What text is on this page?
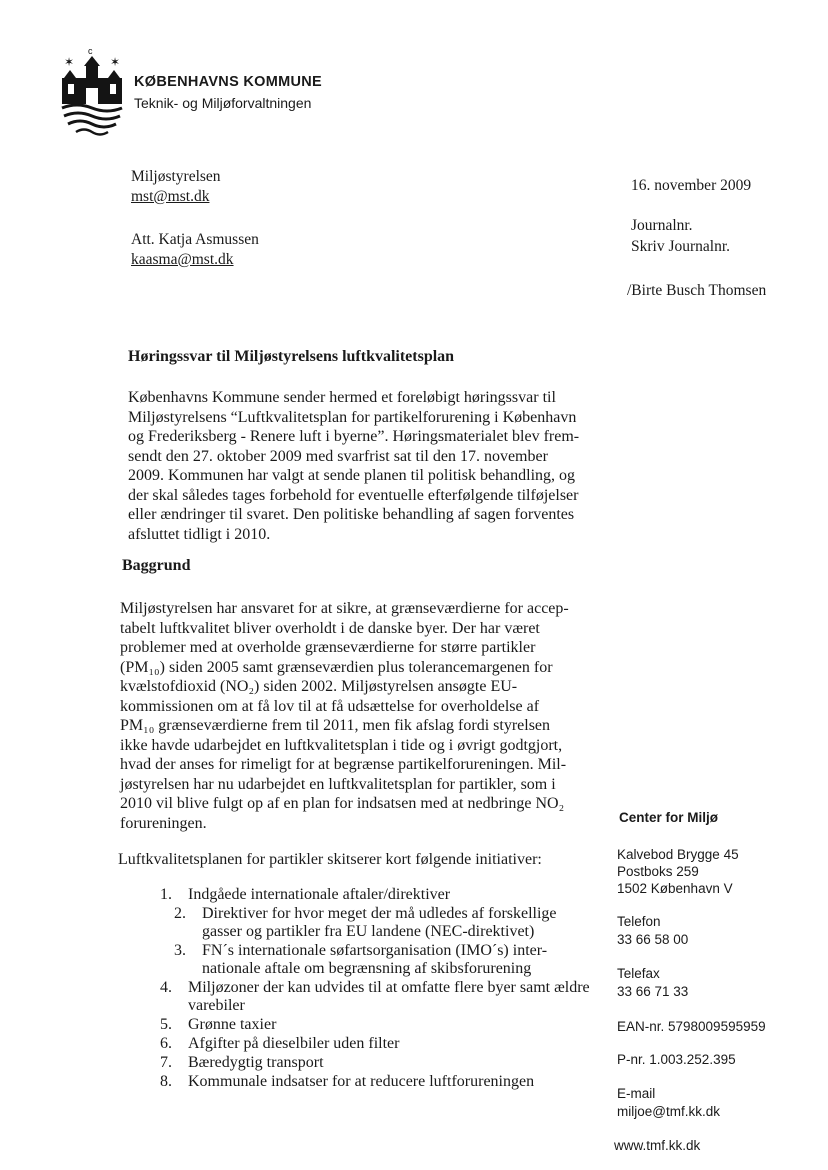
c
✶	✶
KØBENHAVNS KOMMUNE
Teknik- og Miljøforvaltningen
Miljøstyrelsen
mst@mst.dk
Att. Katja Asmussen
kaasma@mst.dk
16. november 2009
Journalnr.
Skriv Journalnr.
/Birte Busch Thomsen
Høringssvar til Miljøstyrelsens luftkvalitetsplan
Københavns Kommune sender hermed et foreløbigt høringssvar til
Miljøstyrelsens “Luftkvalitetsplan for partikelforurening i København
og Frederiksberg - Renere luft i byerne”. Høringsmaterialet blev frem-
sendt den 27. oktober 2009 med svarfrist sat til den 17. november
2009. Kommunen har valgt at sende planen til politisk behandling, og
der skal således tages forbehold for eventuelle efterfølgende tilføjelser
eller ændringer til svaret. Den politiske behandling af sagen forventes
afsluttet tidligt i 2010.
Baggrund
Miljøstyrelsen har ansvaret for at sikre, at grænseværdierne for accep-
tabelt luftkvalitet bliver overholdt i de danske byer. Der har været
problemer med at overholde grænseværdierne for større partikler
(PM₁₀) siden 2005 samt grænseværdien plus tolerancemargenen for
kvælstofdioxid (NO₂) siden 2002. Miljøstyrelsen ansøgte EU-
kommissionen om at få lov til at få udsættelse for overholdelse af
PM₁₀ grænseværdierne frem til 2011, men fik afslag fordi styrelsen
ikke havde udarbejdet en luftkvalitetsplan i tide og i øvrigt godtgjort,
hvad der anses for rimeligt for at begrænse partikelforureningen. Mil-
jøstyrelsen har nu udarbejdet en luftkvalitetsplan for partikler, som i
2010 vil blive fulgt op af en plan for indsatsen med at nedbringe NO₂
forureningen.
Luftkvalitetsplanen for partikler skitserer kort følgende initiativer:
1. Indgåede internationale aftaler/direktiver
2. Direktiver for hvor meget der må udledes af forskellige gasser og partikler fra EU landene (NEC-direktivet)
3. FN´s internationale søfartsorganisation (IMO´s) inter-nationale aftale om begrænsning af skibsforurening
4. Miljøzoner der kan udvides til at omfatte flere byer samt ældre varebiler
5. Grønne taxier
6. Afgifter på dieselbiler uden filter
7. Bæredygtig transport
8. Kommunale indsatser for at reducere luftforureningen
Center for Miljø
Kalvebod Brygge 45
Postboks 259
1502 København V
Telefon
33 66 58 00
Telefax
33 66 71 33
EAN-nr. 5798009595959
P-nr. 1.003.252.395
E-mail
miljoe@tmf.kk.dk
www.tmf.kk.dk
